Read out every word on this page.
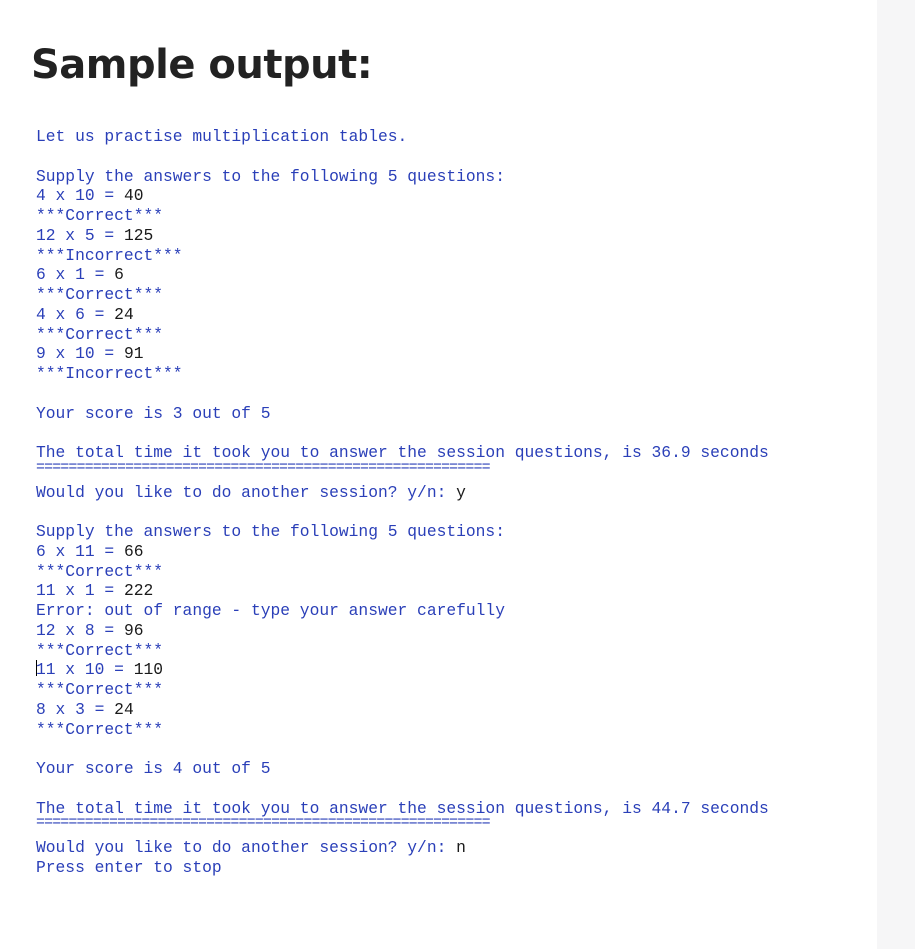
Sample output:
Let us practise multiplication tables.

Supply the answers to the following 5 questions:
4 x 10 = 40
***Correct***
12 x 5 = 125
***Incorrect***
6 x 1 = 6
***Correct***
4 x 6 = 24
***Correct***
9 x 10 = 91
***Incorrect***

Your score is 3 out of 5

The total time it took you to answer the session questions, is 36.9 seconds
========================================================
Would you like to do another session? y/n: y

Supply the answers to the following 5 questions:
6 x 11 = 66
***Correct***
11 x 1 = 222
Error: out of range - type your answer carefully
12 x 8 = 96
***Correct***
11 x 10 = 110
***Correct***
8 x 3 = 24
***Correct***

Your score is 4 out of 5

The total time it took you to answer the session questions, is 44.7 seconds
========================================================
Would you like to do another session? y/n: n
Press enter to stop
